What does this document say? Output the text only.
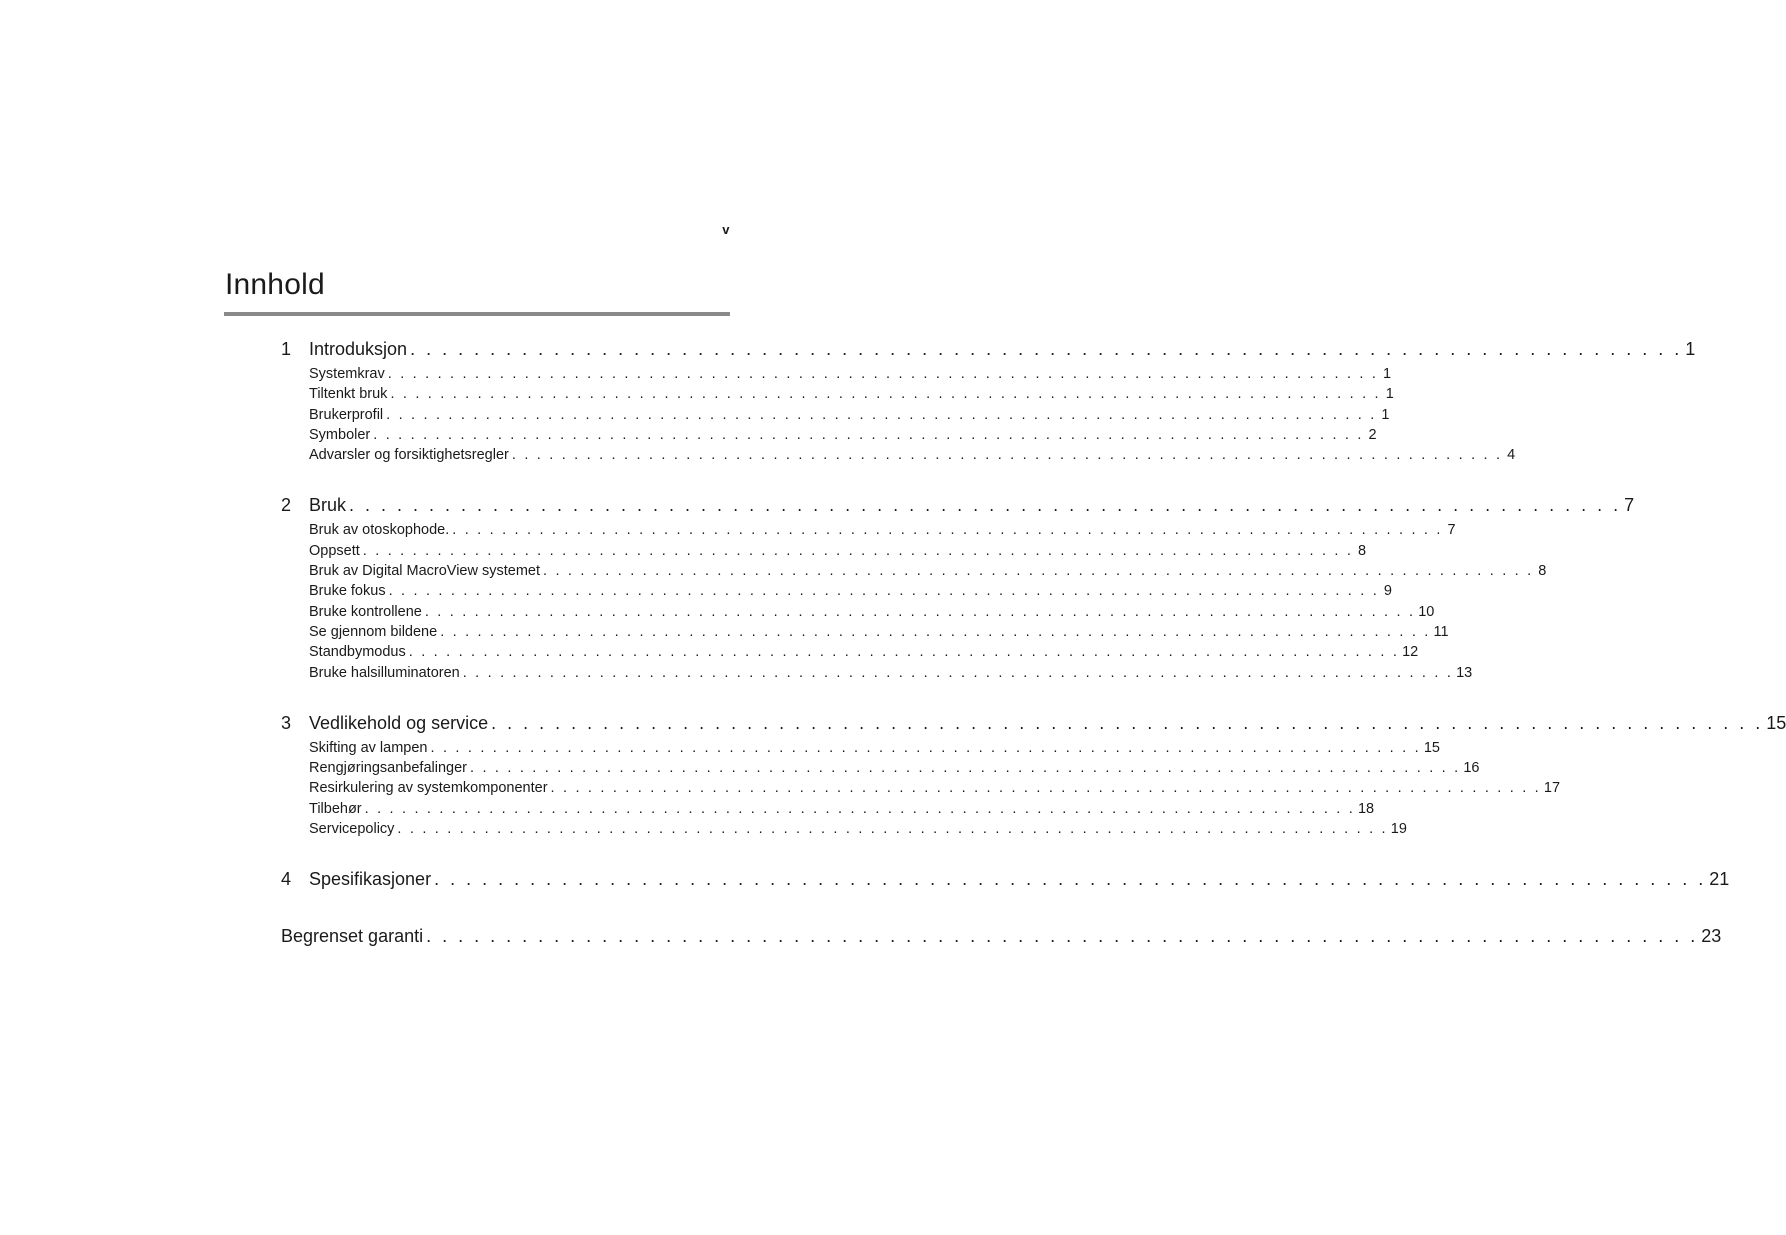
v
Innhold
1 Introduksjon . . . . . . . . . . . . . . . . . . . . . . . . . . . . . . . . . . . . . . . . . . . . . . . . . . . . . . . . . . . . . . . . . . . . . . . . . . . . . . . . 1
Systemkrav . . . . . . . . . . . . . . . . . . . . . . . . . . . . . . . . . . . . . . . . . . . . . . . . . . . . . . . . . . . . . . . . . . . . . . . . . . . . . . . . 1
Tiltenkt bruk . . . . . . . . . . . . . . . . . . . . . . . . . . . . . . . . . . . . . . . . . . . . . . . . . . . . . . . . . . . . . . . . . . . . . . . . . . . . . . . . 1
Brukerprofil . . . . . . . . . . . . . . . . . . . . . . . . . . . . . . . . . . . . . . . . . . . . . . . . . . . . . . . . . . . . . . . . . . . . . . . . . . . . . . . . 1
Symboler . . . . . . . . . . . . . . . . . . . . . . . . . . . . . . . . . . . . . . . . . . . . . . . . . . . . . . . . . . . . . . . . . . . . . . . . . . . . . . . . 2
Advarsler og forsiktighetsregler . . . . . . . . . . . . . . . . . . . . . . . . . . . . . . . . . . . . . . . . . . . . . . . . . . . . . . . . . . . . . . . . . . . . . . . . . . . . . . . . 4
2 Bruk . . . . . . . . . . . . . . . . . . . . . . . . . . . . . . . . . . . . . . . . . . . . . . . . . . . . . . . . . . . . . . . . . . . . . . . . . . . . . . . . 7
Bruk av otoskophode. . . . . . . . . . . . . . . . . . . . . . . . . . . . . . . . . . . . . . . . . . . . . . . . . . . . . . . . . . . . . . . . . . . . . . . . . . . . . . . . . 7
Oppsett . . . . . . . . . . . . . . . . . . . . . . . . . . . . . . . . . . . . . . . . . . . . . . . . . . . . . . . . . . . . . . . . . . . . . . . . . . . . . . . . 8
Bruk av Digital MacroView systemet . . . . . . . . . . . . . . . . . . . . . . . . . . . . . . . . . . . . . . . . . . . . . . . . . . . . . . . . . . . . . . . . . . . . . . . . . . . . . . . . 8
Bruke fokus . . . . . . . . . . . . . . . . . . . . . . . . . . . . . . . . . . . . . . . . . . . . . . . . . . . . . . . . . . . . . . . . . . . . . . . . . . . . . . . . 9
Bruke kontrollene . . . . . . . . . . . . . . . . . . . . . . . . . . . . . . . . . . . . . . . . . . . . . . . . . . . . . . . . . . . . . . . . . . . . . . . . . . . . . . . . 10
Se gjennom bildene . . . . . . . . . . . . . . . . . . . . . . . . . . . . . . . . . . . . . . . . . . . . . . . . . . . . . . . . . . . . . . . . . . . . . . . . . . . . . . . . 11
Standbymodus . . . . . . . . . . . . . . . . . . . . . . . . . . . . . . . . . . . . . . . . . . . . . . . . . . . . . . . . . . . . . . . . . . . . . . . . . . . . . . . . 12
Bruke halsilluminatoren . . . . . . . . . . . . . . . . . . . . . . . . . . . . . . . . . . . . . . . . . . . . . . . . . . . . . . . . . . . . . . . . . . . . . . . . . . . . . . . . 13
3 Vedlikehold og service . . . . . . . . . . . . . . . . . . . . . . . . . . . . . . . . . . . . . . . . . . . . . . . . . . . . . . . . . . . . . . . . . . . . . . . . . . . . . . . . 15
Skifting av lampen . . . . . . . . . . . . . . . . . . . . . . . . . . . . . . . . . . . . . . . . . . . . . . . . . . . . . . . . . . . . . . . . . . . . . . . . . . . . . . . . 15
Rengjøringsanbefalinger . . . . . . . . . . . . . . . . . . . . . . . . . . . . . . . . . . . . . . . . . . . . . . . . . . . . . . . . . . . . . . . . . . . . . . . . . . . . . . . . 16
Resirkulering av systemkomponenter . . . . . . . . . . . . . . . . . . . . . . . . . . . . . . . . . . . . . . . . . . . . . . . . . . . . . . . . . . . . . . . . . . . . . . . . . . . . . . . . 17
Tilbehør . . . . . . . . . . . . . . . . . . . . . . . . . . . . . . . . . . . . . . . . . . . . . . . . . . . . . . . . . . . . . . . . . . . . . . . . . . . . . . . . 18
Servicepolicy . . . . . . . . . . . . . . . . . . . . . . . . . . . . . . . . . . . . . . . . . . . . . . . . . . . . . . . . . . . . . . . . . . . . . . . . . . . . . . . . 19
4 Spesifikasjoner . . . . . . . . . . . . . . . . . . . . . . . . . . . . . . . . . . . . . . . . . . . . . . . . . . . . . . . . . . . . . . . . . . . . . . . . . . . . . . . . 21
Begrenset garanti . . . . . . . . . . . . . . . . . . . . . . . . . . . . . . . . . . . . . . . . . . . . . . . . . . . . . . . . . . . . . . . . . . . . . . . . . . . . . . . . 23
